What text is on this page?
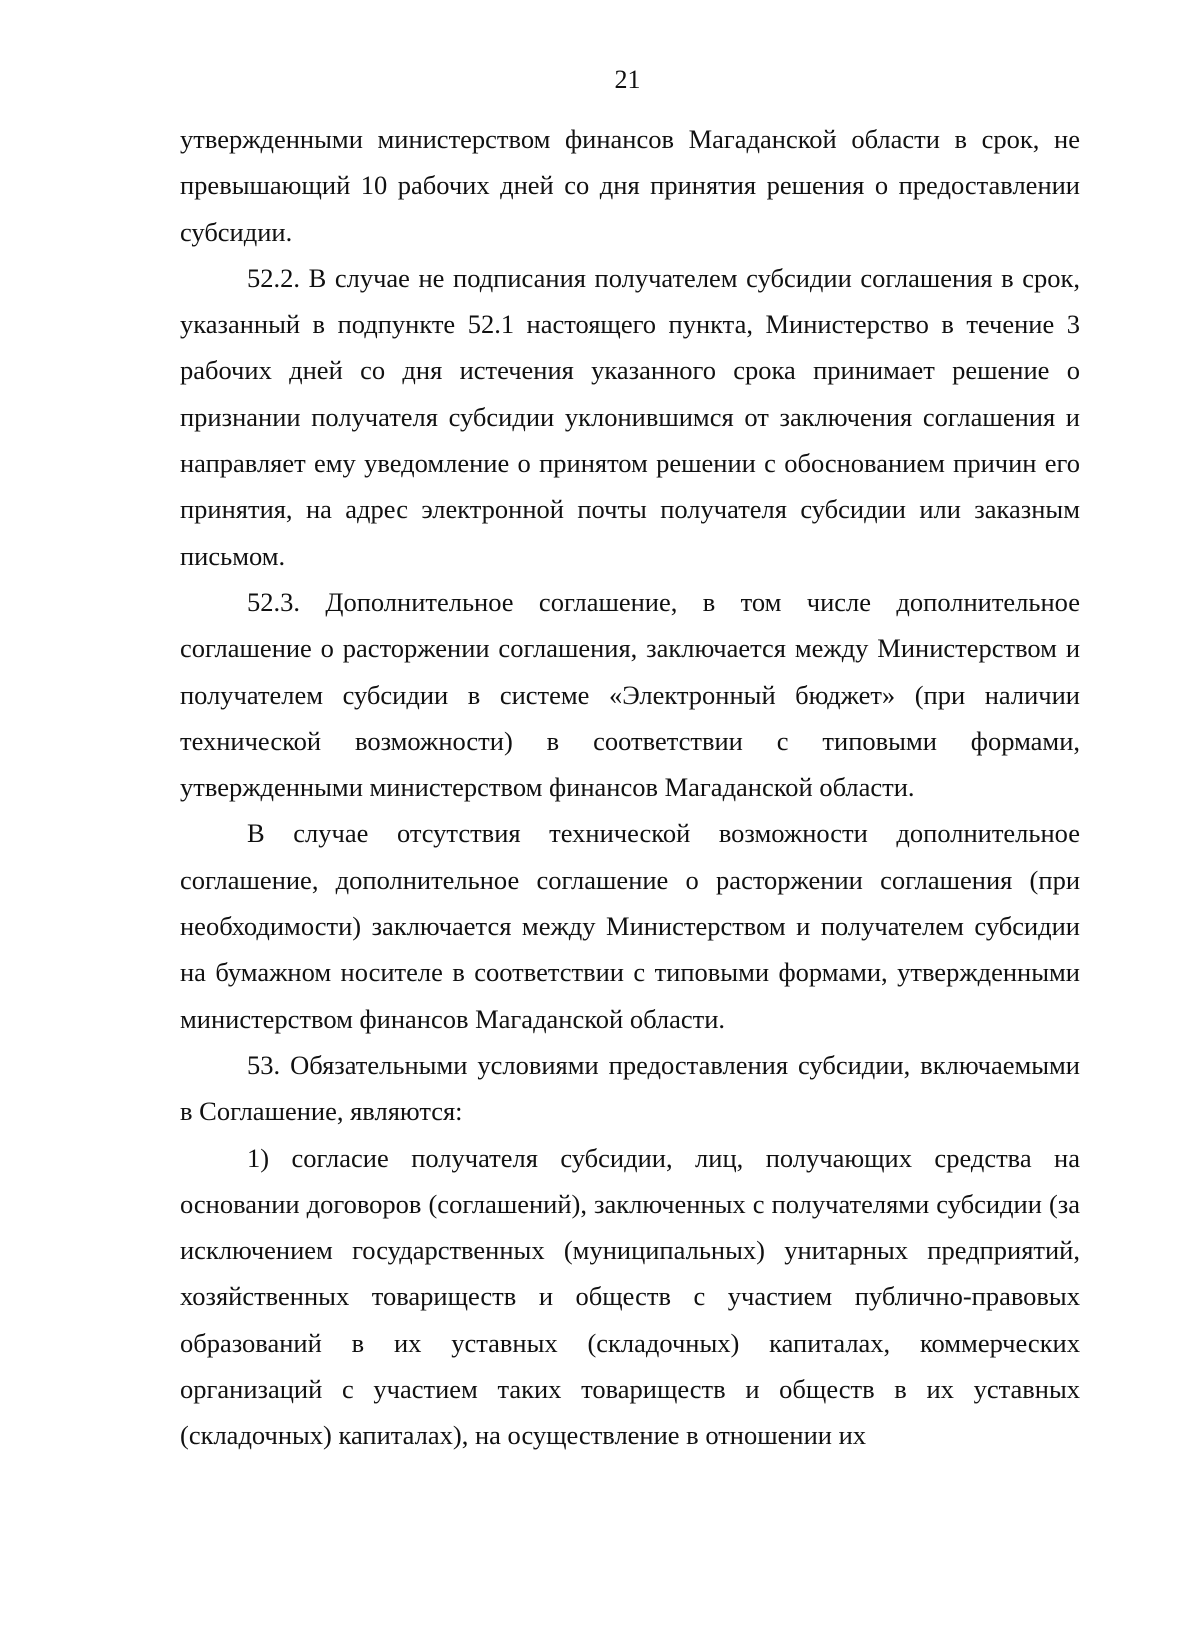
21

утвержденными министерством финансов Магаданской области в срок, не превышающий 10 рабочих дней со дня принятия решения о предоставлении субсидии.

52.2. В случае не подписания получателем субсидии соглашения в срок, указанный в подпункте 52.1 настоящего пункта, Министерство в течение 3 рабочих дней со дня истечения указанного срока принимает решение о признании получателя субсидии уклонившимся от заключения соглашения и направляет ему уведомление о принятом решении с обоснованием причин его принятия, на адрес электронной почты получателя субсидии или заказным письмом.

52.3. Дополнительное соглашение, в том числе дополнительное соглашение о расторжении соглашения, заключается между Министерством и получателем субсидии в системе «Электронный бюджет» (при наличии технической возможности) в соответствии с типовыми формами, утвержденными министерством финансов Магаданской области.

В случае отсутствия технической возможности дополнительное соглашение, дополнительное соглашение о расторжении соглашения (при необходимости) заключается между Министерством и получателем субсидии на бумажном носителе в соответствии с типовыми формами, утвержденными министерством финансов Магаданской области.

53. Обязательными условиями предоставления субсидии, включаемыми в Соглашение, являются:

1) согласие получателя субсидии, лиц, получающих средства на основании договоров (соглашений), заключенных с получателями субсидии (за исключением государственных (муниципальных) унитарных предприятий, хозяйственных товариществ и обществ с участием публично-правовых образований в их уставных (складочных) капиталах, коммерческих организаций с участием таких товариществ и обществ в их уставных (складочных) капиталах), на осуществление в отношении их
